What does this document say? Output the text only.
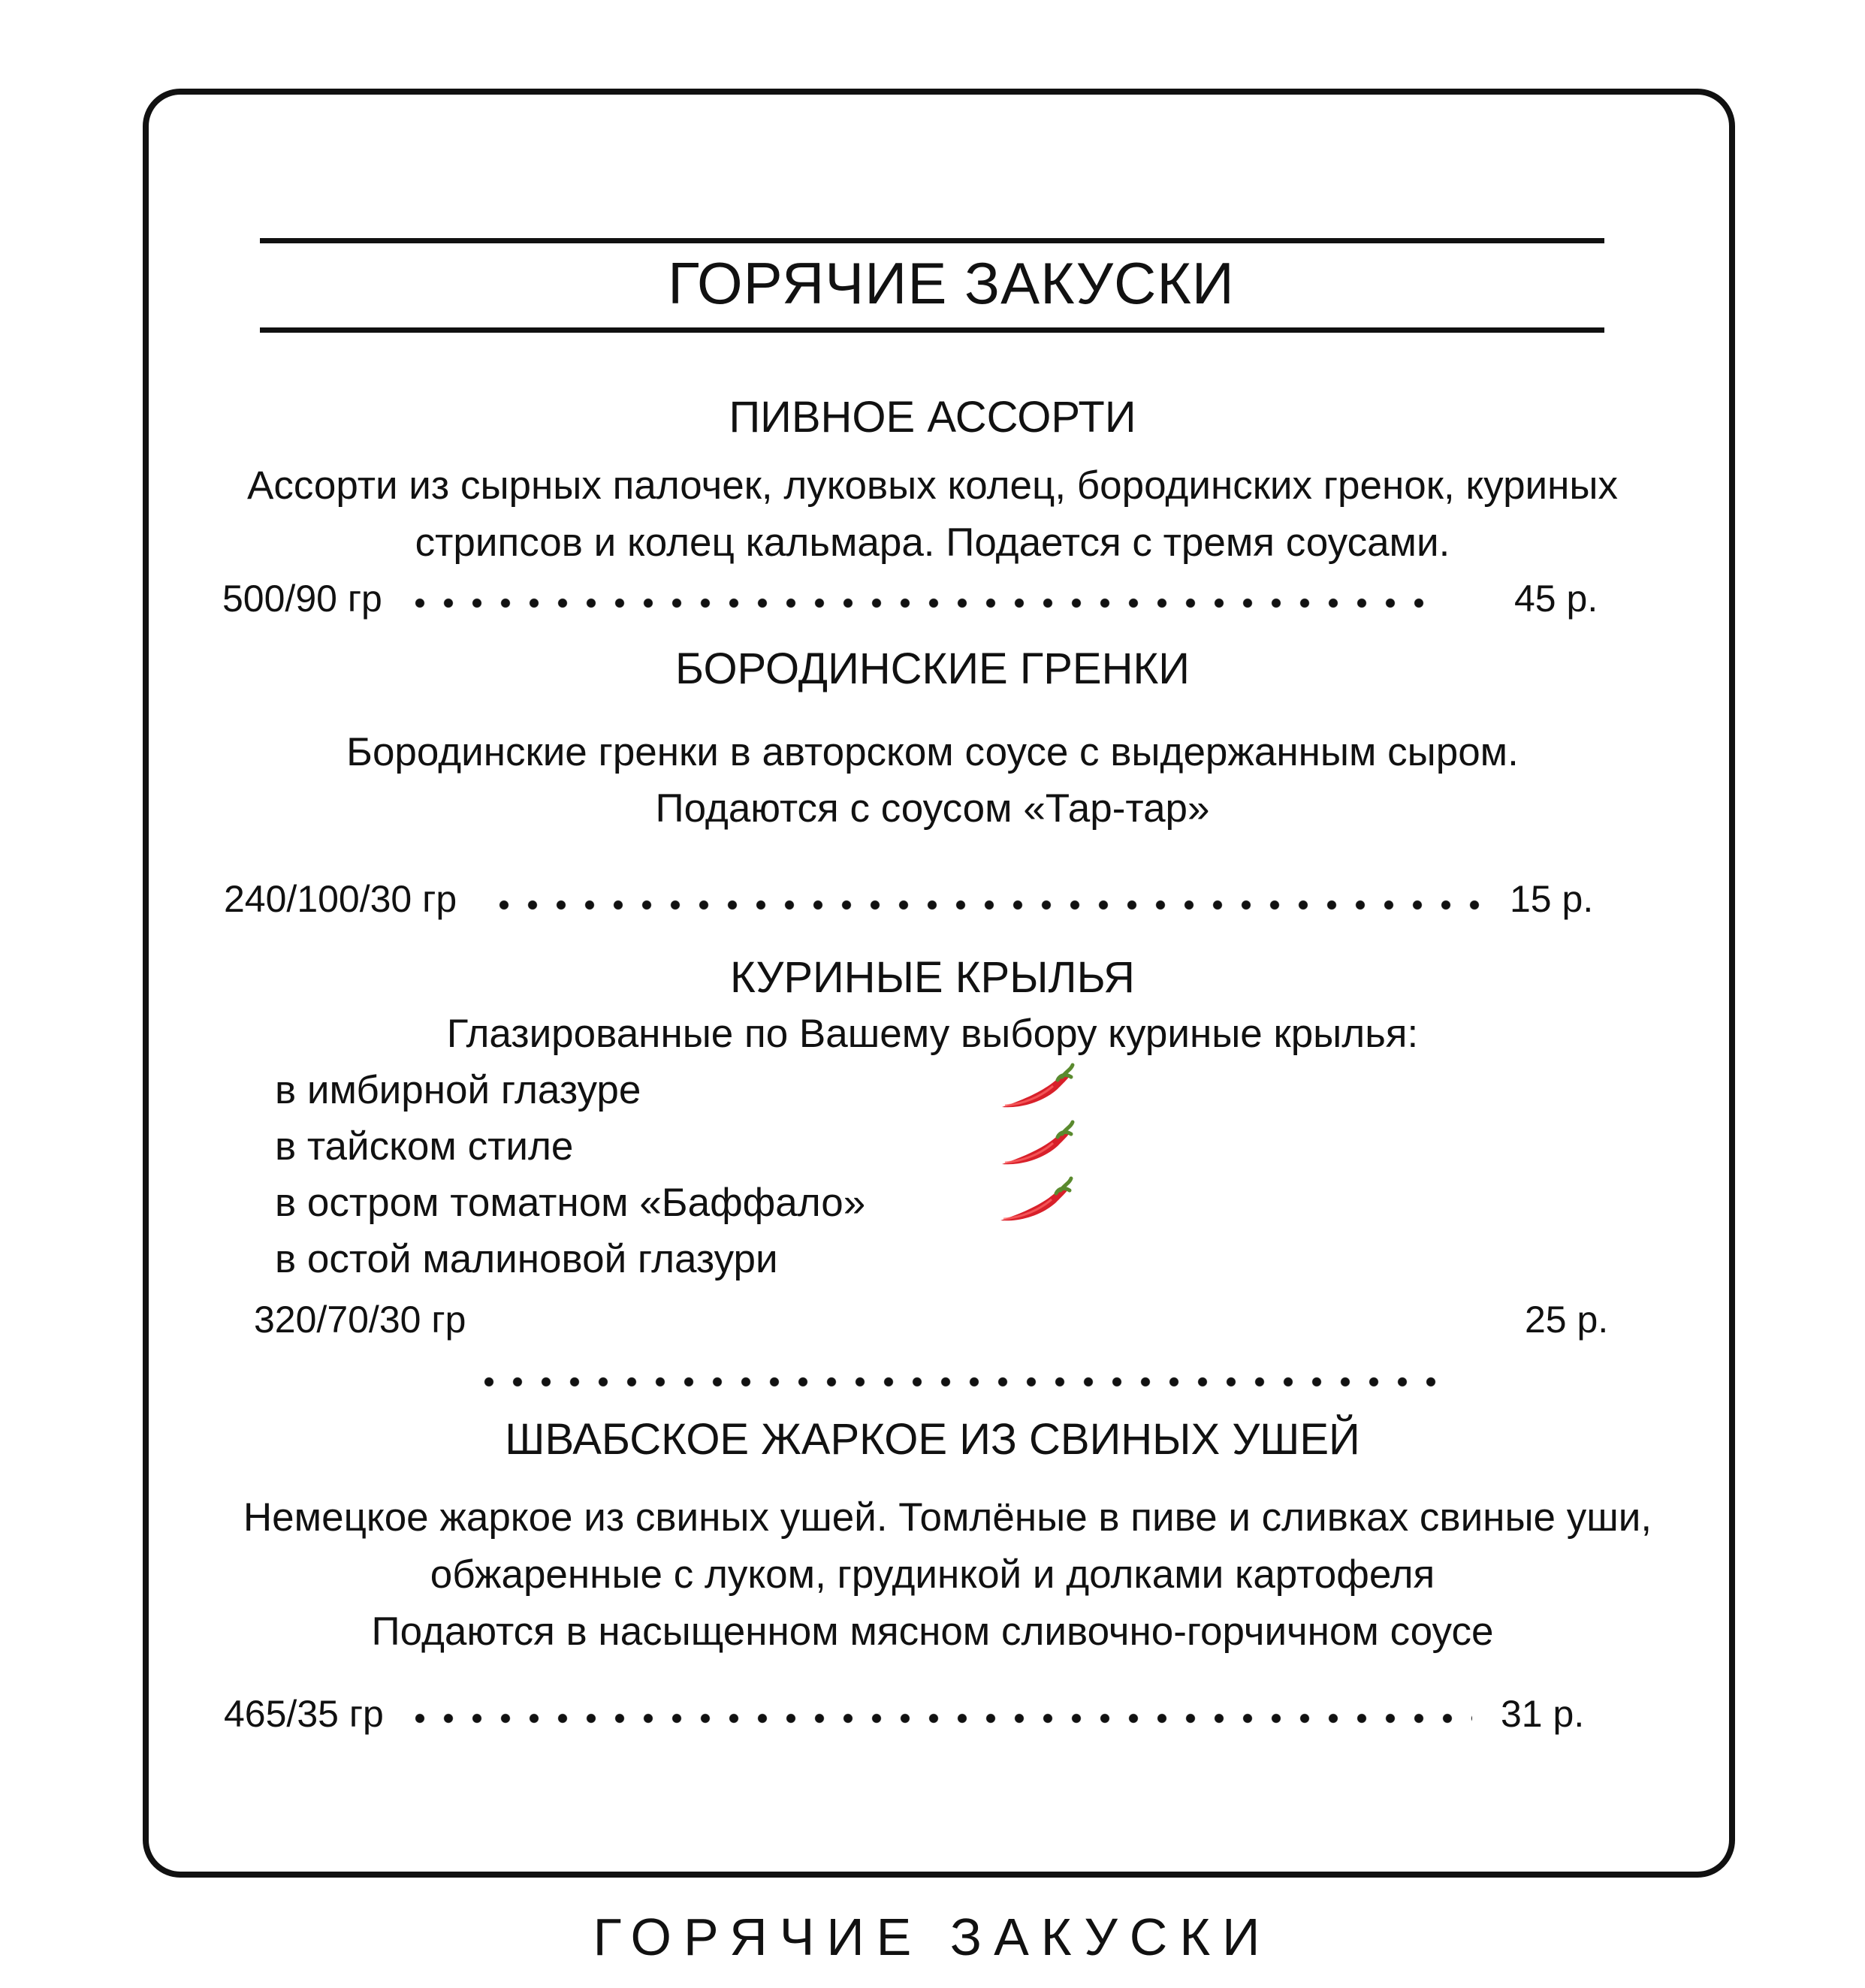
ГОРЯЧИЕ ЗАКУСКИ
ПИВНОЕ АССОРТИ
Ассорти из сырных палочек, луковых колец, бородинских гренок, куриных
стрипсов и колец кальмара. Подается с тремя соусами.
500/90 гр	45 р.
БОРОДИНСКИЕ ГРЕНКИ
Бородинские гренки в авторском соусе с выдержанным сыром.
Подаются с соусом «Тар-тар»
240/100/30 гр	15 р.
КУРИНЫЕ КРЫЛЬЯ
Глазированные по Вашему выбору куриные крылья:
в имбирной глазуре
в тайском стиле
в остром томатном «Баффало»
в остой малиновой глазури
320/70/30 гр	25 р.
ШВАБСКОЕ ЖАРКОЕ ИЗ СВИНЫХ УШЕЙ
Немецкое жаркое из свиных ушей. Томлёные в пиве и сливках свиные уши,
обжаренные с луком, грудинкой и долками картофеля
Подаются в насыщенном мясном сливочно-горчичном соусе
465/35 гр	31 р.
ГОРЯЧИЕ ЗАКУСКИ
